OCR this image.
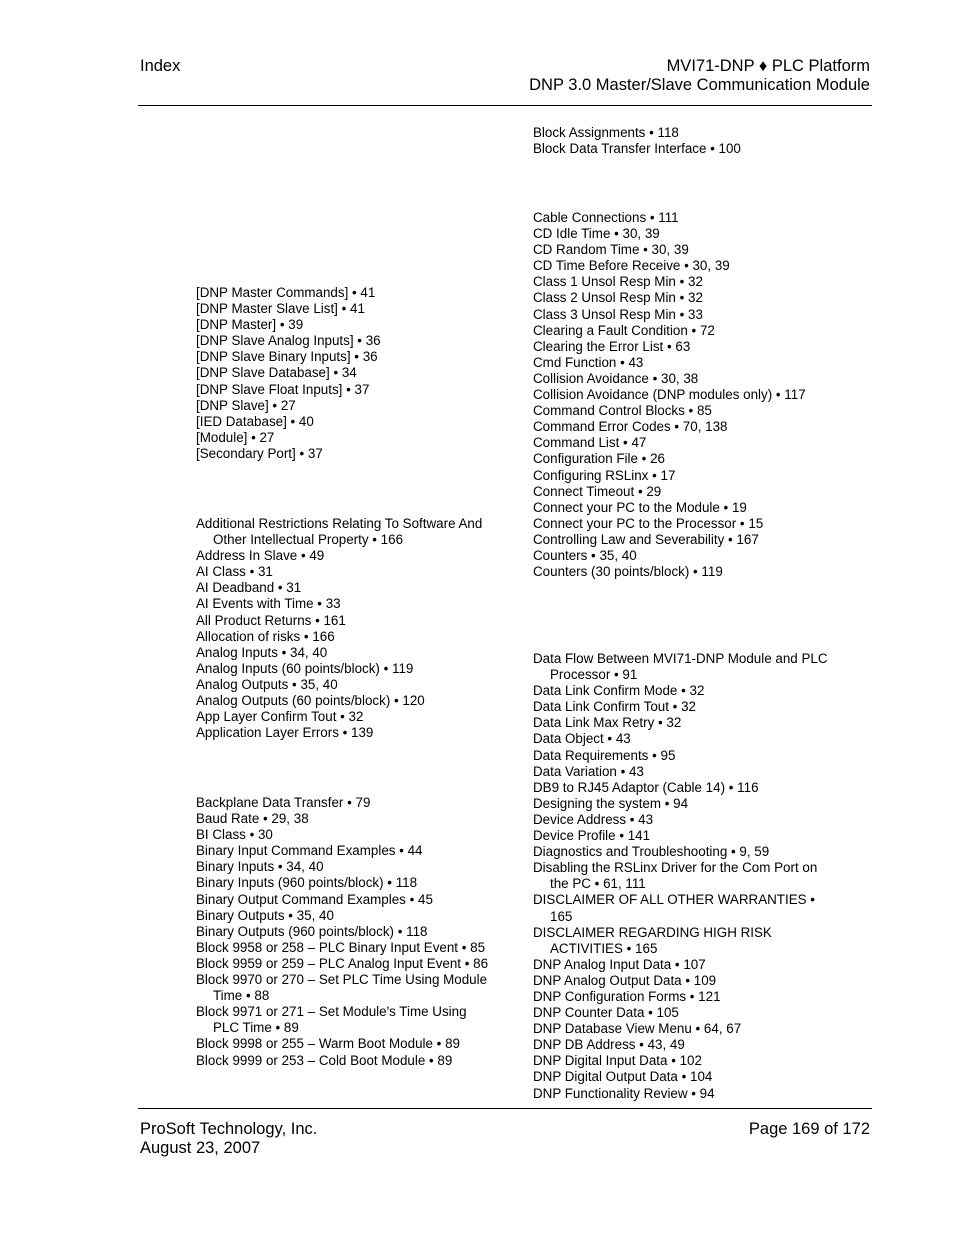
Index	MVI71-DNP ♦ PLC Platform
DNP 3.0 Master/Slave Communication Module
[DNP Master Commands] • 41
[DNP Master Slave List] • 41
[DNP Master] • 39
[DNP Slave Analog Inputs] • 36
[DNP Slave Binary Inputs] • 36
[DNP Slave Database] • 34
[DNP Slave Float Inputs] • 37
[DNP Slave] • 27
[IED Database] • 40
[Module] • 27
[Secondary Port] • 37
Additional Restrictions Relating To Software And Other Intellectual Property • 166
Address In Slave • 49
AI Class • 31
AI Deadband • 31
AI Events with Time • 33
All Product Returns • 161
Allocation of risks • 166
Analog Inputs • 34, 40
Analog Inputs (60 points/block) • 119
Analog Outputs • 35, 40
Analog Outputs (60 points/block) • 120
App Layer Confirm Tout • 32
Application Layer Errors • 139
Backplane Data Transfer • 79
Baud Rate • 29, 38
BI Class • 30
Binary Input Command Examples • 44
Binary Inputs • 34, 40
Binary Inputs (960 points/block) • 118
Binary Output Command Examples • 45
Binary Outputs • 35, 40
Binary Outputs (960 points/block) • 118
Block 9958 or 258 – PLC Binary Input Event • 85
Block 9959 or 259 – PLC Analog Input Event • 86
Block 9970 or 270 – Set PLC Time Using Module Time • 88
Block 9971 or 271 – Set Module's Time Using PLC Time • 89
Block 9998 or 255 – Warm Boot Module • 89
Block 9999 or 253 – Cold Boot Module • 89
Block Assignments • 118
Block Data Transfer Interface • 100
Cable Connections • 111
CD Idle Time • 30, 39
CD Random Time • 30, 39
CD Time Before Receive • 30, 39
Class 1 Unsol Resp Min • 32
Class 2 Unsol Resp Min • 32
Class 3 Unsol Resp Min • 33
Clearing a Fault Condition • 72
Clearing the Error List • 63
Cmd Function • 43
Collision Avoidance • 30, 38
Collision Avoidance (DNP modules only) • 117
Command Control Blocks • 85
Command Error Codes • 70, 138
Command List • 47
Configuration File • 26
Configuring RSLinx • 17
Connect Timeout • 29
Connect your PC to the Module • 19
Connect your PC to the Processor • 15
Controlling Law and Severability • 167
Counters • 35, 40
Counters (30 points/block) • 119
Data Flow Between MVI71-DNP Module and PLC Processor • 91
Data Link Confirm Mode • 32
Data Link Confirm Tout • 32
Data Link Max Retry • 32
Data Object • 43
Data Requirements • 95
Data Variation • 43
DB9 to RJ45 Adaptor (Cable 14) • 116
Designing the system • 94
Device Address • 43
Device Profile • 141
Diagnostics and Troubleshooting • 9, 59
Disabling the RSLinx Driver for the Com Port on the PC • 61, 111
DISCLAIMER OF ALL OTHER WARRANTIES • 165
DISCLAIMER REGARDING HIGH RISK ACTIVITIES • 165
DNP Analog Input Data • 107
DNP Analog Output Data • 109
DNP Configuration Forms • 121
DNP Counter Data • 105
DNP Database View Menu • 64, 67
DNP DB Address • 43, 49
DNP Digital Input Data • 102
DNP Digital Output Data • 104
DNP Functionality Review • 94
ProSoft Technology, Inc.
August 23, 2007
Page 169 of 172
